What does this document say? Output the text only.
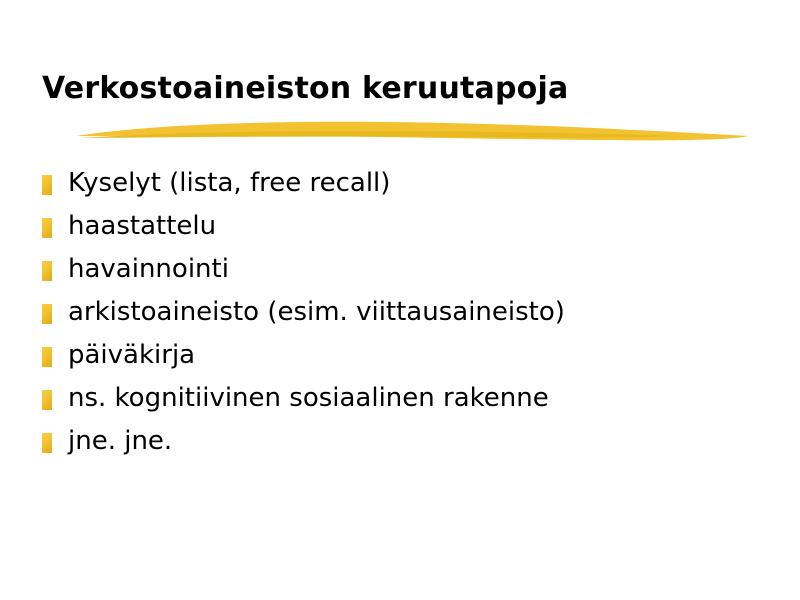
Verkostoaineiston keruutapoja
Kyselyt (lista, free recall)
haastattelu
havainnointi
arkistoaineisto (esim. viittausaineisto)
päiväkirja
ns. kognitiivinen sosiaalinen rakenne
jne. jne.
